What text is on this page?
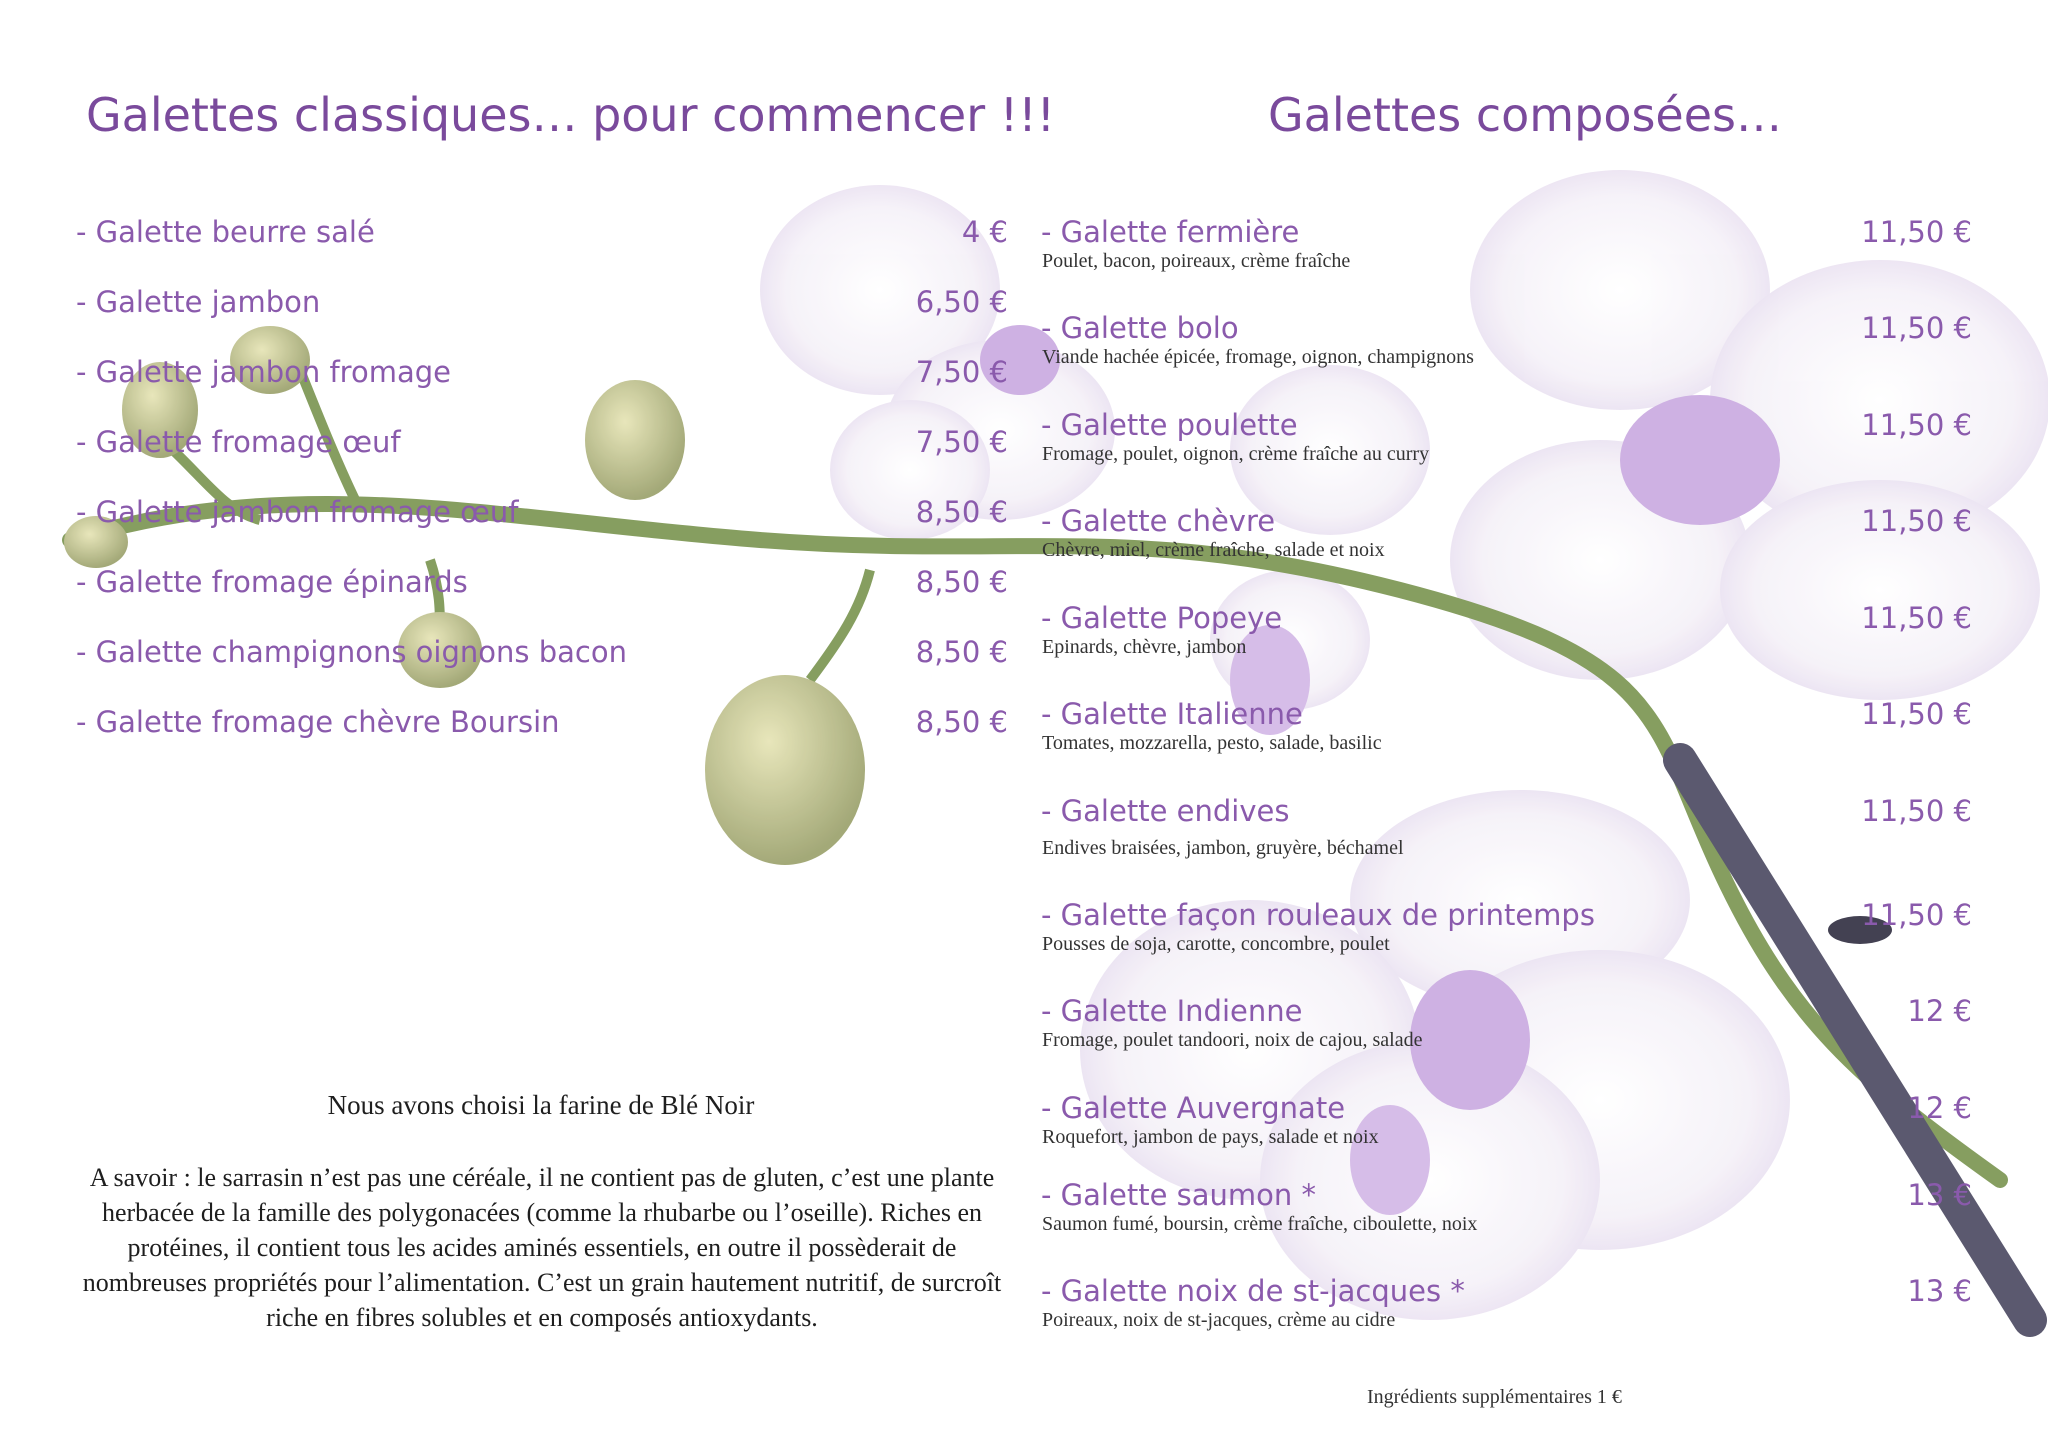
Galettes classiques… pour commencer !!!	Galettes composées…
- Galette beurre salé	4 €
- Galette jambon	6,50 €
- Galette jambon fromage	7,50 €
- Galette fromage œuf	7,50 €
- Galette jambon fromage œuf	8,50 €
- Galette fromage épinards	8,50 €
- Galette champignons oignons bacon	8,50 €
- Galette fromage chèvre Boursin	8,50 €
- Galette fermière	11,50 €
Poulet, bacon, poireaux, crème fraîche
- Galette bolo	11,50 €
Viande hachée épicée, fromage, oignon, champignons
- Galette poulette	11,50 €
Fromage, poulet, oignon, crème fraîche au curry
- Galette chèvre	11,50 €
Chèvre, miel, crème fraîche, salade et noix
- Galette Popeye	11,50 €
Epinards, chèvre, jambon
- Galette Italienne	11,50 €
Tomates, mozzarella, pesto, salade, basilic
- Galette endives	11,50 €
Endives braisées, jambon, gruyère, béchamel
- Galette façon rouleaux de printemps	11,50 €
Pousses de soja, carotte, concombre, poulet
- Galette Indienne	12 €
Fromage, poulet tandoori, noix de cajou, salade
- Galette Auvergnate	12 €
Roquefort, jambon de pays, salade et noix
- Galette saumon *	13 €
Saumon fumé, boursin, crème fraîche, ciboulette, noix
- Galette noix de st-jacques *	13 €
Poireaux, noix de st-jacques, crème au cidre
Nous avons choisi la farine de Blé Noir

A savoir : le sarrasin n’est pas une céréale, il ne contient pas de gluten, c’est une plante herbacée de la famille des polygonacées (comme la rhubarbe ou l’oseille). Riches en protéines, il contient tous les acides aminés essentiels, en outre il possèderait de nombreuses propriétés pour l’alimentation. C’est un grain hautement nutritif, de surcroît riche en fibres solubles et en composés antioxydants.

Ingrédients supplémentaires 1 €
